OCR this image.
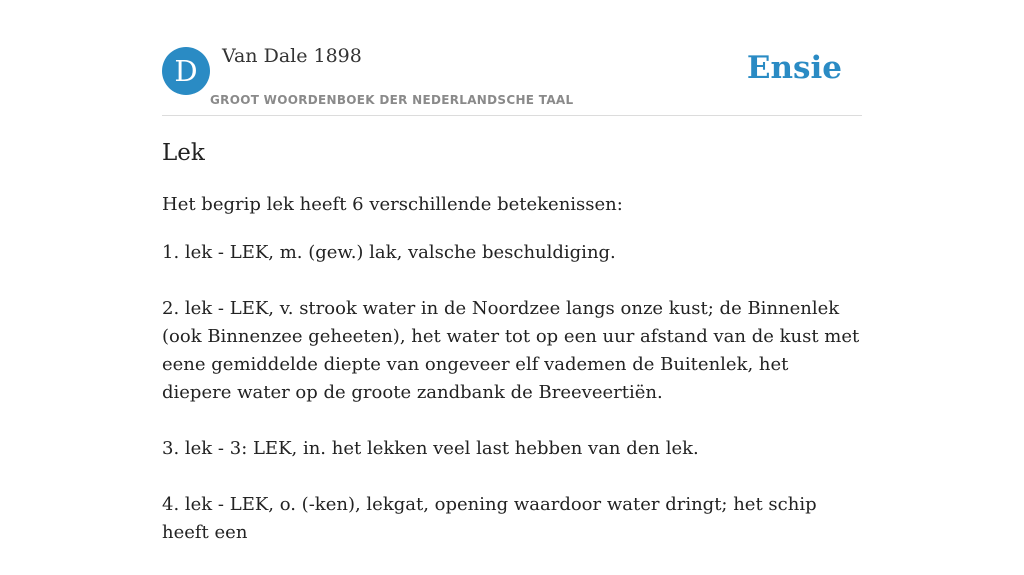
D	Van Dale 1898
GROOT WOORDENBOEK DER NEDERLANDSCHE TAAL
Ensie
Lek
Het begrip lek heeft 6 verschillende betekenissen:

1. lek - LEK, m. (gew.) lak, valsche beschuldiging.

2. lek - LEK, v. strook water in de Noordzee langs onze kust; de Binnenlek (ook Binnenzee geheeten), het water tot op een uur afstand van de kust met eene gemiddelde diepte van ongeveer elf vademen de Buitenlek, het diepere water op de groote zandbank de Breeveertiën.

3. lek - 3: LEK, in. het lekken veel last hebben van den lek.

4. lek - LEK, o. (-ken), lekgat, opening waardoor water dringt; het schip heeft een
